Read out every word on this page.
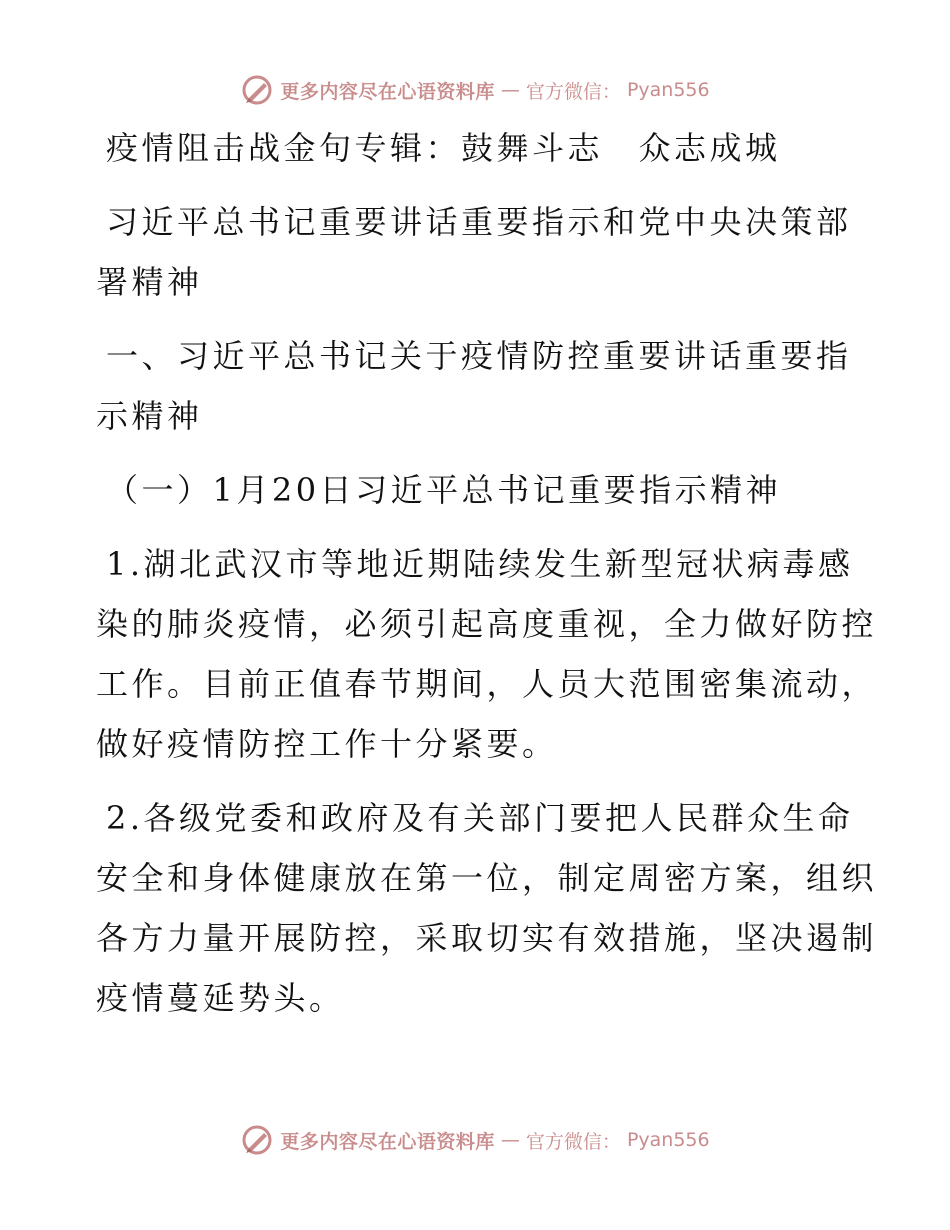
更多内容尽在心语资料库 — 官方微信： Pyan556

疫情阻击战金句专辑：鼓舞斗志　众志成城

习近平总书记重要讲话重要指示和党中央决策部

署精神

一、习近平总书记关于疫情防控重要讲话重要指

示精神

（一）1月20日习近平总书记重要指示精神

1.湖北武汉市等地近期陆续发生新型冠状病毒感

染的肺炎疫情，必须引起高度重视，全力做好防控

工作。目前正值春节期间，人员大范围密集流动，

做好疫情防控工作十分紧要。

2.各级党委和政府及有关部门要把人民群众生命

安全和身体健康放在第一位，制定周密方案，组织

各方力量开展防控，采取切实有效措施，坚决遏制

疫情蔓延势头。

更多内容尽在心语资料库 — 官方微信： Pyan556
